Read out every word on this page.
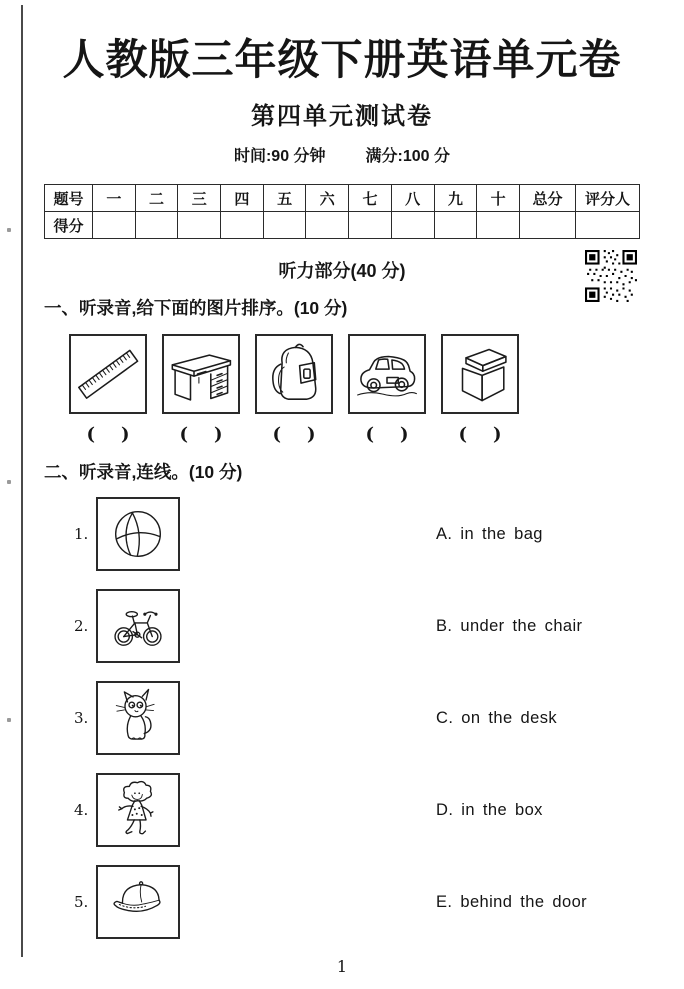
人教版三年级下册英语单元卷
第四单元测试卷
时间:90 分钟	满分:100 分
题号	一	二	三	四	五	六	七	八	九	十	总分	评分人
得分												
听力部分(40 分)
一、听录音,给下面的图片排序。(10 分)
( )	( )	( )	( )	( )
二、听录音,连线。(10 分)
1.	A. in the bag
2.	B. under the chair
3.	C. on the desk
4.	D. in the box
5.	E. behind the door
1
